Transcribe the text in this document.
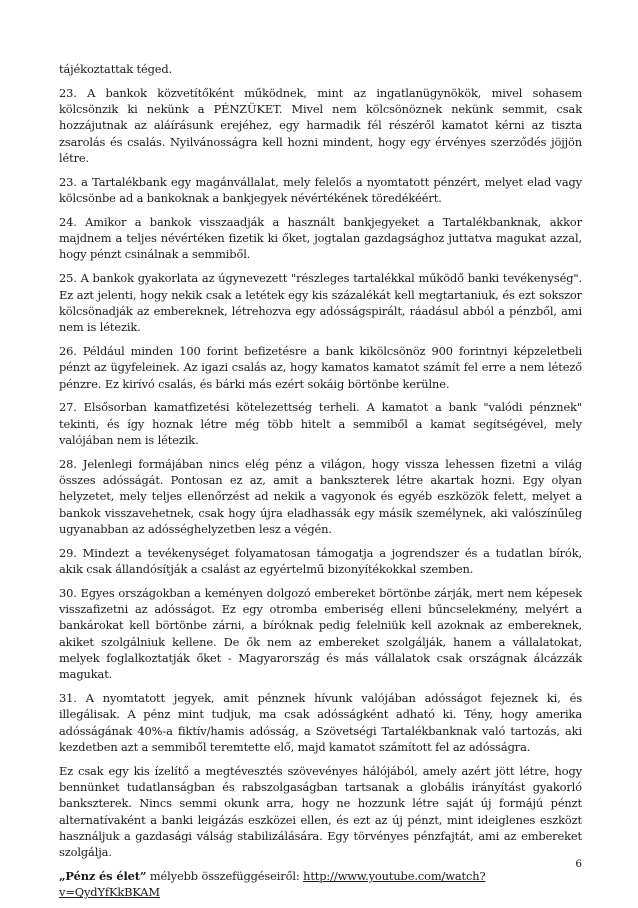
tájékoztattak téged.

23. A bankok közvetítőként működnek, mint az ingatlanügynökök, mivel sohasem kölcsönzik ki nekünk a PÉNZÜKET. Mivel nem kölcsönöznek nekünk semmit, csak hozzájutnak az aláírásunk erejéhez, egy harmadik fél részéről kamatot kérni az tiszta zsarolás és csalás. Nyilvánosságra kell hozni mindent, hogy egy érvényes szerződés jöjjön létre.

23. a Tartalékbank egy magánvállalat, mely felelős a nyomtatott pénzért, melyet elad vagy kölcsönbe ad a bankoknak a bankjegyek névértékének töredékéért.

24. Amikor a bankok visszaadják a használt bankjegyeket a Tartalékbanknak, akkor majdnem a teljes névértéken fizetik ki őket, jogtalan gazdagsághoz juttatva magukat azzal, hogy pénzt csinálnak a semmiből.

25. A bankok gyakorlata az úgynevezett "részleges tartalékkal működő banki tevékenység". Ez azt jelenti, hogy nekik csak a letétek egy kis százalékát kell megtartaniuk, és ezt sokszor kölcsönadják az embereknek, létrehozva egy adósságspirált, ráadásul abból a pénzből, ami nem is létezik.

26. Például minden 100 forint befizetésre a bank kikölcsönöz 900 forintnyi képzeletbeli pénzt az ügyfeleinek. Az igazi csalás az, hogy kamatos kamatot számít fel erre a nem létező pénzre. Ez kirívó csalás, és bárki más ezért sokáig börtönbe kerülne.

27. Elsősorban kamatfizetési kötelezettség terheli. A kamatot a bank "valódi pénznek" tekinti, és így hoznak létre még több hitelt a semmiből a kamat segítségével, mely valójában nem is létezik.

28. Jelenlegi formájában nincs elég pénz a világon, hogy vissza lehessen fizetni a világ összes adósságát. Pontosan ez az, amit a bankszterek létre akartak hozni. Egy olyan helyzetet, mely teljes ellenőrzést ad nekik a vagyonok és egyéb eszközök felett, melyet a bankok visszavehetnek, csak hogy újra eladhassák egy másik személynek, aki valószínűleg ugyanabban az adósséghelyzetben lesz a végén.

29. Mindezt a tevékenységet folyamatosan támogatja a jogrendszer és a tudatlan bírók, akik csak állandósítják a csalást az egyértelmű bizonyítékokkal szemben.

30. Egyes országokban a keményen dolgozó embereket börtönbe zárják, mert nem képesek visszafizetni az adósságot. Ez egy otromba emberiség elleni bűncselekmény, melyért a bankárokat kell börtönbe zárni, a bíróknak pedig felelniük kell azoknak az embereknek, akiket szolgálniuk kellene. De ők nem az embereket szolgálják, hanem a vállalatokat, melyek foglalkoztatják őket - Magyarország és más vállalatok csak országnak álcázzák magukat.

31. A nyomtatott jegyek, amit pénznek hívunk valójában adósságot fejeznek ki, és illegálisak. A pénz mint tudjuk, ma csak adósságként adható ki. Tény, hogy amerika adósságának 40%-a fiktív/hamis adósság, a Szövetségi Tartalékbanknak való tartozás, aki kezdetben azt a semmiből teremtette elő, majd kamatot számított fel az adósságra.

Ez csak egy kis ízelítő a megtévesztés szövevényes hálójából, amely azért jött létre, hogy bennünket tudatlanságban és rabszolgaságban tartsanak a globális irányítást gyakorló bankszterek. Nincs semmi okunk arra, hogy ne hozzunk létre saját új formájú pénzt alternatívaként a banki leigázás eszközei ellen, és ezt az új pénzt, mint ideiglenes eszközt használjuk a gazdasági válság stabilizálására. Egy törvényes pénzfajtát, ami az embereket szolgálja.

„Pénz és élet” mélyebb összefüggéseiről: http://www.youtube.com/watch?v=QydYfKkBKAM

6
